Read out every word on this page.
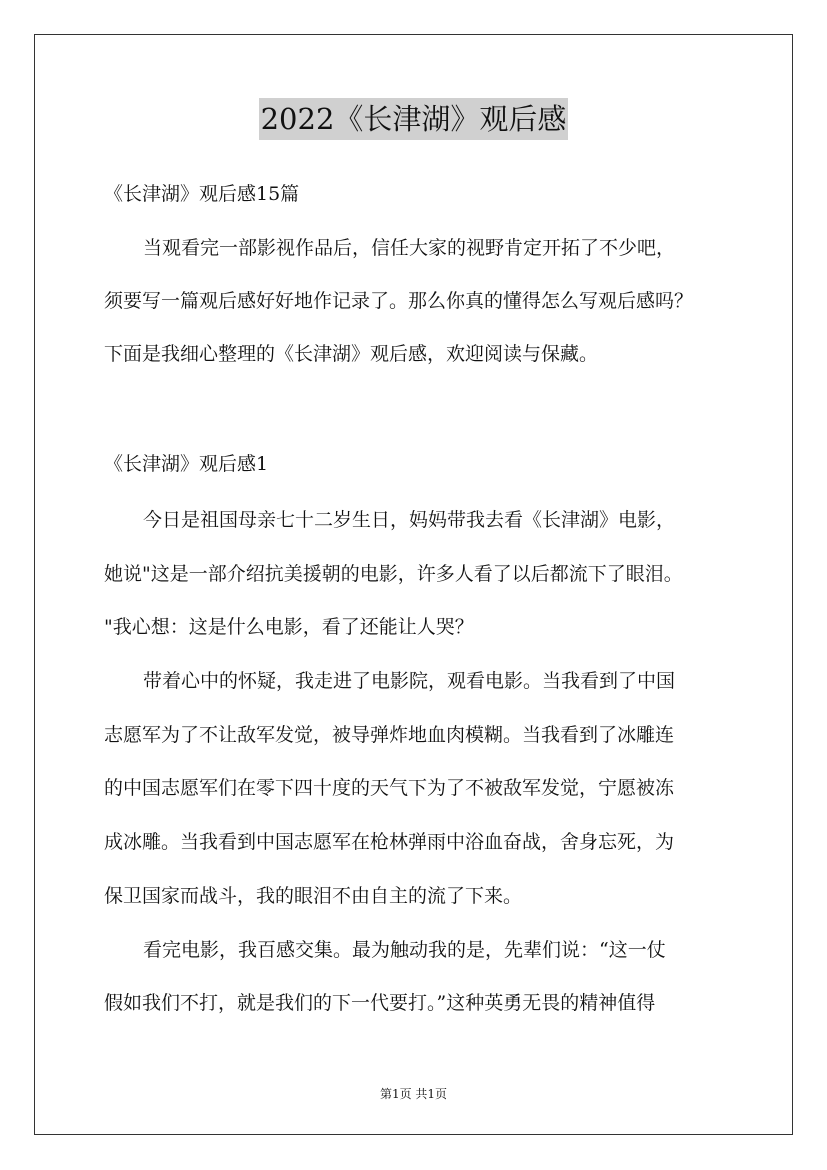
2022《长津湖》观后感
《长津湖》观后感15篇
当观看完一部影视作品后，信任大家的视野肯定开拓了不少吧，
须要写一篇观后感好好地作记录了。那么你真的懂得怎么写观后感吗？
下面是我细心整理的《长津湖》观后感，欢迎阅读与保藏。
《长津湖》观后感1
今日是祖国母亲七十二岁生日，妈妈带我去看《长津湖》电影，
她说"这是一部介绍抗美援朝的电影，许多人看了以后都流下了眼泪。
"我心想：这是什么电影，看了还能让人哭？
带着心中的怀疑，我走进了电影院，观看电影。当我看到了中国
志愿军为了不让敌军发觉，被导弹炸地血肉模糊。当我看到了冰雕连
的中国志愿军们在零下四十度的天气下为了不被敌军发觉，宁愿被冻
成冰雕。当我看到中国志愿军在枪林弹雨中浴血奋战，舍身忘死，为
保卫国家而战斗，我的眼泪不由自主的流了下来。
看完电影，我百感交集。最为触动我的是，先辈们说：“这一仗
假如我们不打，就是我们的下一代要打。”这种英勇无畏的精神值得
第1页 共1页
